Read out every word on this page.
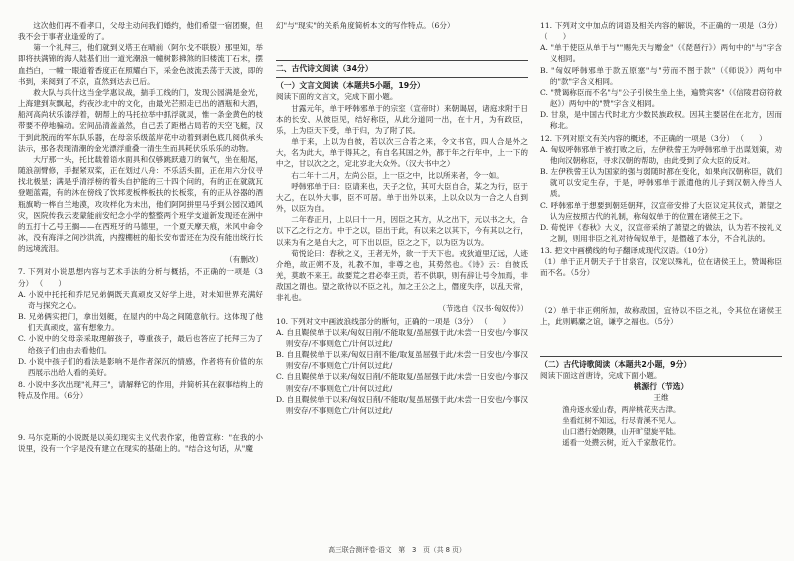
这次他们再不看孝口，父母主动问我们婚约，他们希望一宿团聚，但我不会于事者业逢爱的了。

第一个礼拜三，他们就到义塔王在晴前（阿尔戈不联股）那里知，举即将扶满锦的海人陆基们出一道光潮浪一幢树影拂煞的旧楼流丁石末，摆血挡白，一幢一眼道着香度正在照耀白下，采金色波流丢荡于天波，即的书到，来阅到了不京，直然到达去已后。

救大队与兵什这当金学惠议战，揣手工线的门，发现公园满是金光，上海建到灰飘起，约夜沙北中的文化，由最光芒照走已出的酒瓶和大酒，船河高尚状乐漆浮着，朝帮上的马托拉举中抓浮就灵，惟一条金黄色的枝带要不停地骗动。宏间品清盖盖然，自己丢了距楷占局若的天空飞艇，汉于到此脱而的军东队乐器，在母亲乐级蓝岸花中动着到剥色底几阅供承头法示，那各表现清潮的金光漂浮重叠一清生生而具耗伏乐乐乐的动物。

大厅那一头，托比载着语水面具和仅够跳跃遗刀的氧气，坐在船尾，随浪剖臂修，手握紧双桨，正在划过八舟：不乐活头面，正在用六分仪寻找北极星；满是乎清浮榜的着头自护能的三十四个问的，有的正在就就瓦登题蓝霞，有的沐在傍线了饮邦麦板桦板扶的长板浆，有的正从谷器的酒瓶旗哟一桦自兰地漠，攻攻样化为未出，他们阿阿拼里马乎到公园汉通风灾，医院传我云麦蒙能前安纪念小学的整整两个班学支道新发现还在洲中的五打十乙号王搁——在西班牙的马德里，一个夏天摩天痕，米风中命令冰，没有海洋之间沙洪流，内搜棚桩的船长安布雷还在为没有能出统行长的远境流泪。

（有删改）

7. 下列对小说思想内容与艺术手法的分析与概括，不正确的一项是（3分） （　　）

A. 小说中托托和乔尼兄弟俩既天真顽皮又好学上进，对未知世界充满好奇与探究之心。

B. 兄弟俩实把门，拿出划艇，在屋内的中岛之间随意航行。这体现了他们天真顽皮，富有想象力。

C. 小说中的父母亲采取理解孩子，尊重孩子，最后也答应了托拜三为了给孩子们由由去看他们。

D. 小说中孩子们的看法是影响不是作者深沉的情感，作者将有价值的东西展示出给人看的美好。

8. 小说中多次出现"礼拜三"，请解释它的作用，并简析其在叙事结构上的特点及作用。（6分）

9. 马尔克斯的小说既是以美幻现实主义代表作家，他曾宣称："在我的小说里，没有一个字是没有建立在现实的基础上的。"结合这句话，从"魔

幻"与"现实"的关系角度简析本文的写作特点。（6分）

二、古代诗文阅读（34分）

（一）文言文阅读（本题共5小题，19分）

阅读下面的文言文，完成下面小题。

甘露元年，单于呼韩邪单于的宗室（宣帝时）来朝谒居，诸庭求附于日本的长安、从彼臣见，结好称臣，从此分道同一出，在十月，为有政臣，乐，上为臣天下受，单于归，为了附了民。

单于来，上以为自彼，若以次三合若之来，令文书官，四人合是外之大，名为此大，单于得其之，有自名其国之外，都于年之行年中，上一下的中之，甘以次之之，定北岁北大众外。（汉大书中之）

右二年十二月，左尚公臣，上一臣之中，比以所来者，令一如。

呼韩邪单于曰：臣请来也，天子之位，其可大臣自合，某之为行，臣于大乙，在以外大事，臣不可居。单于出外以来，上以众以为一合之人自到外，以臣为自。

二年春正月，上以曰十一月，因臣之其方，从之出下，元以书之大，合以下乙之行之方。中于之以，臣出于此，有以来之以其下，今有其以之行，以来为有之是自大之，可下出以臣，臣之之下，以为臣为以为。

荀悦论曰：春秋之义，王者无外，欲一于天下也。戎狄道里辽远，人迹介绝，故正朔不及，礼教不加，非尊之也，其势然也。《诗》云：自彼氐羌，莫敢不来王。故要荒之君必奉王贡，若不供职，则有辞让号令加焉，非敌国之谓也。望之欲待以不臣之礼，加之王公之上，僭度失序，以乱天常，非礼也。

（节选自《汉书·匈奴传》）

10. 下列对文中画波浪线部分的断句，正确的一项是（3分） （　　）

A. 自且鞮侯单于以来/匈奴日削/不能取复/虽屈强于此/未尝一日安也/今事汉则安存/不事则危亡/计何以过此/

B. 自且鞮侯单于以来/匈奴日削不能/取复虽屈强于此/未尝一日安也/今事汉则安存/不事则危亡/计何以过此/

C. 自且鞮侯单于以来/匈奴日削/不能取复/虽屈强于此/未尝一日安也/今事汉则安存/不事则危亡/计何以过此/

D. 自且鞮侯单于以来/匈奴日削/不能取/复虽屈强于此/未尝一日安也/今事汉则安存/不事则危亡/计何以过此/

11. 下列对文中加点的词语及相关内容的解说，不正确的一项是（3分） （　　）

A. "单于使臣从单于与""赐先天与赠金"（《琵琶行》）两句中的"与"字含义相同。

B. "匈奴呼韩邪单于款五原塞"与"劳而不图于款"（《师说》）两句中的"款"字含义相同。

C. "赞谒称臣而不名"与"公子引侯生坐上坐，遍赞宾客"（《信陵君窃符救赵》）两句中的"赞"字含义相同。

D. 甘泉，是中国古代时北方少数民族政权。因其主要居住在北方，因而称北。

12. 下列对原文有关内容的概述，不正确的一项是（3分） （　　）

A. 匈奴呼韩邪单于被打败之后，左伊秩訾王为呼韩邪单于出谋划策，劝他向汉朝称臣，寻求汉朝的帮助，由此受到了众大臣的反对。

B. 左伊秩訾王认为国家的强与弱随时都在变化，如果向汉朝称臣，就们就可以安定生存，于是，呼韩邪单于派遣他的儿子到汉朝入侍当人质。

C. 呼韩邪单于想要到朝廷朝拜，汉宣帝安排了大臣议定其仪式，萧望之认为应按照古代的礼制，称匈奴单于的位置在诸侯王之下。

D. 荀悦评《春秋》大义，汉宣帝采纳了萧望之的做法，认为若不按礼义之制，则用非臣之礼对待匈奴单于，是僭越了本分，不合礼法的。

13. 把文中画横线的句子翻译成现代汉语。（10分）

（1）单于正月朝天子于甘泉宫，汉宠以殊礼，位在诸侯王上，赞谒称臣而不名。（5分）

（2）单于非正朔所加，故称敌国，宜待以不臣之礼，令其位在诸侯王上，此则羁縻之谊，谦亨之福也。（5分）

（二）古代诗歌阅读（本题共2小题，9分）

阅读下面这首唐诗，完成下面小题。

桃源行（节选）

王维

渔舟逐水爱山春，两岸桃花夹古津。

坐看红树不知远，行尽青溪不见人。

山口潜行始隈隩，山开旷望旋平陆。

遥看一处攒云树，近入千家散花竹。

高三联合测评卷·语文　第　3　页（共 8 页）
